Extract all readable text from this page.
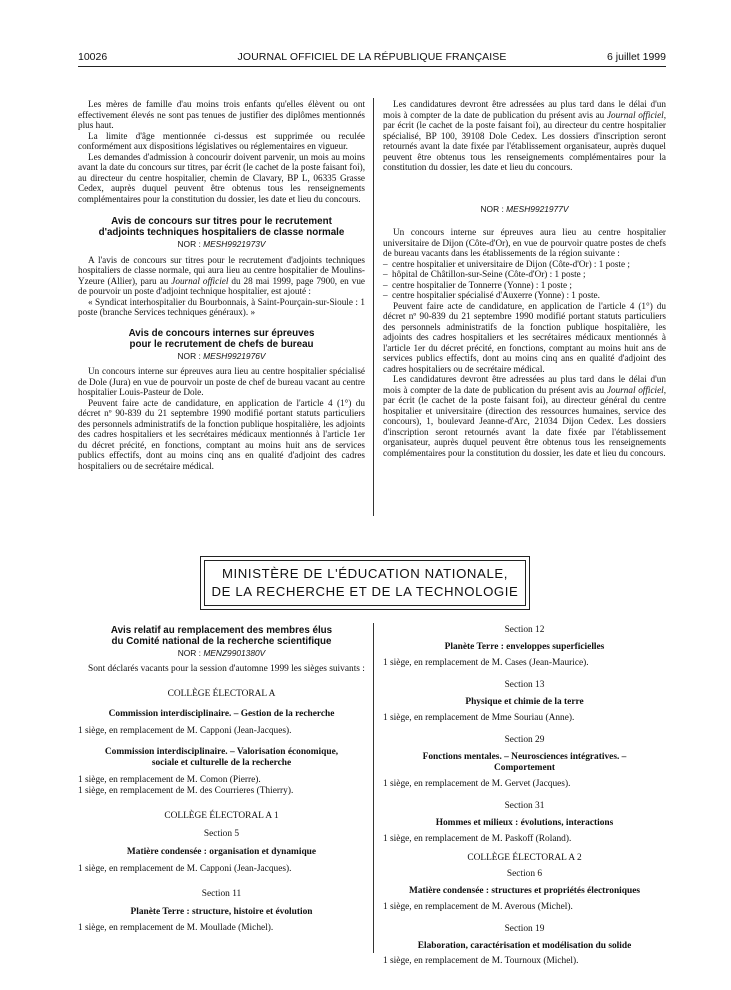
10026	JOURNAL OFFICIEL DE LA RÉPUBLIQUE FRANÇAISE	6 juillet 1999

Les mères de famille d'au moins trois enfants qu'elles élèvent ou ont effectivement élevés ne sont pas tenues de justifier des diplômes mentionnés plus haut.

La limite d'âge mentionnée ci-dessus est supprimée ou reculée conformément aux dispositions législatives ou réglementaires en vigueur.

Les demandes d'admission à concourir doivent parvenir, un mois au moins avant la date du concours sur titres, par écrit (le cachet de la poste faisant foi), au directeur du centre hospitalier, chemin de Clavary, BP L, 06335 Grasse Cedex, auprès duquel peuvent être obtenus tous les renseignements complémentaires pour la constitution du dossier, les date et lieu du concours.

Avis de concours sur titres pour le recrutement

d'adjoints techniques hospitaliers de classe normale

NOR : MESH9921973V

A l'avis de concours sur titres pour le recrutement d'adjoints techniques hospitaliers de classe normale, qui aura lieu au centre hospitalier de Moulins-Yzeure (Allier), paru au Journal officiel du 28 mai 1999, page 7900, en vue de pourvoir un poste d'adjoint technique hospitalier, est ajouté :

« Syndicat interhospitalier du Bourbonnais, à Saint-Pourçain-sur-Sioule : 1 poste (branche Services techniques généraux). »

Avis de concours internes sur épreuves

pour le recrutement de chefs de bureau

NOR : MESH9921976V

Un concours interne sur épreuves aura lieu au centre hospitalier spécialisé de Dole (Jura) en vue de pourvoir un poste de chef de bureau vacant au centre hospitalier Louis-Pasteur de Dole.

Peuvent faire acte de candidature, en application de l'article 4 (1°) du décret nº 90-839 du 21 septembre 1990 modifié portant statuts particuliers des personnels administratifs de la fonction publique hospitalière, les adjoints des cadres hospitaliers et les secrétaires médicaux mentionnés à l'article 1er du décret précité, en fonctions, comptant au moins huit ans de services publics effectifs, dont au moins cinq ans en qualité d'adjoint des cadres hospitaliers ou de secrétaire médical.

Les candidatures devront être adressées au plus tard dans le délai d'un mois à compter de la date de publication du présent avis au Journal officiel, par écrit (le cachet de la poste faisant foi), au directeur du centre hospitalier spécialisé, BP 100, 39108 Dole Cedex. Les dossiers d'inscription seront retournés avant la date fixée par l'établissement organisateur, auprès duquel peuvent être obtenus tous les renseignements complémentaires pour la constitution du dossier, les date et lieu du concours.

NOR : MESH9921977V

Un concours interne sur épreuves aura lieu au centre hospitalier universitaire de Dijon (Côte-d'Or), en vue de pourvoir quatre postes de chefs de bureau vacants dans les établissements de la région suivante :

– centre hospitalier et universitaire de Dijon (Côte-d'Or) : 1 poste ;

– hôpital de Châtillon-sur-Seine (Côte-d'Or) : 1 poste ;

– centre hospitalier de Tonnerre (Yonne) : 1 poste ;

– centre hospitalier spécialisé d'Auxerre (Yonne) : 1 poste.

Peuvent faire acte de candidature, en application de l'article 4 (1°) du décret nº 90-839 du 21 septembre 1990 modifié portant statuts particuliers des personnels administratifs de la fonction publique hospitalière, les adjoints des cadres hospitaliers et les secrétaires médicaux mentionnés à l'article 1er du décret précité, en fonctions, comptant au moins huit ans de services publics effectifs, dont au moins cinq ans en qualité d'adjoint des cadres hospitaliers ou de secrétaire médical.

Les candidatures devront être adressées au plus tard dans le délai d'un mois à compter de la date de publication du présent avis au Journal officiel, par écrit (le cachet de la poste faisant foi), au directeur général du centre hospitalier et universitaire (direction des ressources humaines, service des concours), 1, boulevard Jeanne-d'Arc, 21034 Dijon Cedex. Les dossiers d'inscription seront retournés avant la date fixée par l'établissement organisateur, auprès duquel peuvent être obtenus tous les renseignements complémentaires pour la constitution du dossier, les date et lieu du concours.

MINISTÈRE DE L'ÉDUCATION NATIONALE,
DE LA RECHERCHE ET DE LA TECHNOLOGIE

Avis relatif au remplacement des membres élus

du Comité national de la recherche scientifique

NOR : MENZ9901380V

Sont déclarés vacants pour la session d'automne 1999 les sièges suivants :

COLLÈGE ÉLECTORAL A

Commission interdisciplinaire. – Gestion de la recherche

1 siège, en remplacement de M. Capponi (Jean-Jacques).

Commission interdisciplinaire. – Valorisation économique,

sociale et culturelle de la recherche

1 siège, en remplacement de M. Comon (Pierre).

1 siège, en remplacement de M. des Courrieres (Thierry).

COLLÈGE ÉLECTORAL A 1

Section 5

Matière condensée : organisation et dynamique

1 siège, en remplacement de M. Capponi (Jean-Jacques).

Section 11

Planète Terre : structure, histoire et évolution

1 siège, en remplacement de M. Moullade (Michel).

Section 12

Planète Terre : enveloppes superficielles

1 siège, en remplacement de M. Cases (Jean-Maurice).

Section 13

Physique et chimie de la terre

1 siège, en remplacement de Mme Souriau (Anne).

Section 29

Fonctions mentales. – Neurosciences intégratives. –

Comportement

1 siège, en remplacement de M. Gervet (Jacques).

Section 31

Hommes et milieux : évolutions, interactions

1 siège, en remplacement de M. Paskoff (Roland).

COLLÈGE ÉLECTORAL A 2

Section 6

Matière condensée : structures et propriétés électroniques

1 siège, en remplacement de M. Averous (Michel).

Section 19

Elaboration, caractérisation et modélisation du solide

1 siège, en remplacement de M. Tournoux (Michel).
